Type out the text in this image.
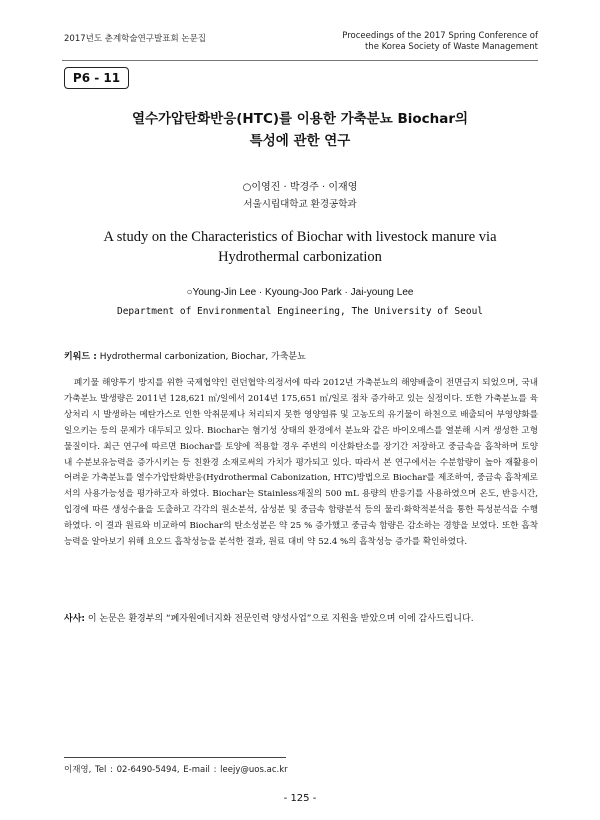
2017년도 춘계학술연구발표회 논문집	Proceedings of the 2017 Spring Conference of
the Korea Society of Waste Management
P6 - 11
열수가압탄화반응(HTC)를 이용한 가축분뇨 Biochar의
특성에 관한 연구
○이영진 · 박경주 · 이재영
서울시립대학교 환경공학과
A study on the Characteristics of Biochar with livestock manure via
Hydrothermal carbonization
○Young-Jin Lee · Kyoung-Joo Park · Jai-young Lee
Department of Environmental Engineering, The University of Seoul
키워드 : Hydrothermal carbonization, Biochar, 가축분뇨

폐기물 해양투기 방지를 위한 국제협약인 런던협약·의정서에 따라 2012년 가축분뇨의 해양배출이 전면금지 되었으며, 국내 가축분뇨 발생량은 2011년 128,621 ㎥/일에서 2014년 175,651 ㎥/일로 점차 증가하고 있는 실정이다. 또한 가축분뇨를 육상처리 시 발생하는 메탄가스로 인한 악취문제나 처리되지 못한 영양염류 및 고농도의 유기물이 하천으로 배출되어 부영양화를 일으키는 등의 문제가 대두되고 있다. Biochar는 혐기성 상태의 환경에서 분뇨와 같은 바이오매스를 열분해 시켜 생성한 고형물질이다. 최근 연구에 따르면 Biochar를 토양에 적용할 경우 주변의 이산화탄소를 장기간 저장하고 중금속을 흡착하며 토양 내 수분보유능력을 증가시키는 등 친환경 소재로써의 가치가 평가되고 있다. 따라서 본 연구에서는 수분함량이 높아 재활용이 어려운 가축분뇨를 열수가압탄화반응(Hydrothermal Cabonization, HTC)방법으로 Biochar를 제조하여, 중금속 흡착제로서의 사용가능성을 평가하고자 하였다. Biochar는 Stainless재질의 500 mL 용량의 반응기를 사용하였으며 온도, 반응시간, 입경에 따른 생성수율을 도출하고 각각의 원소분석, 삼성분 및 중금속 함량분석 등의 물리·화학적분석을 통한 특성분석을 수행하였다. 이 결과 원료와 비교하여 Biochar의 탄소성분은 약 25 % 증가했고 중금속 함량은 감소하는 경향을 보였다. 또한 흡착능력을 알아보기 위해 요오드 흡착성능을 분석한 결과, 원료 대비 약 52.4 %의 흡착성능 증가를 확인하였다.

사사: 이 논문은 환경부의 “폐자원에너지화 전문인력 양성사업”으로 지원을 받았으며 이에 감사드립니다.
이재영, Tel : 02-6490-5494, E-mail : leejy@uos.ac.kr
- 125 -
